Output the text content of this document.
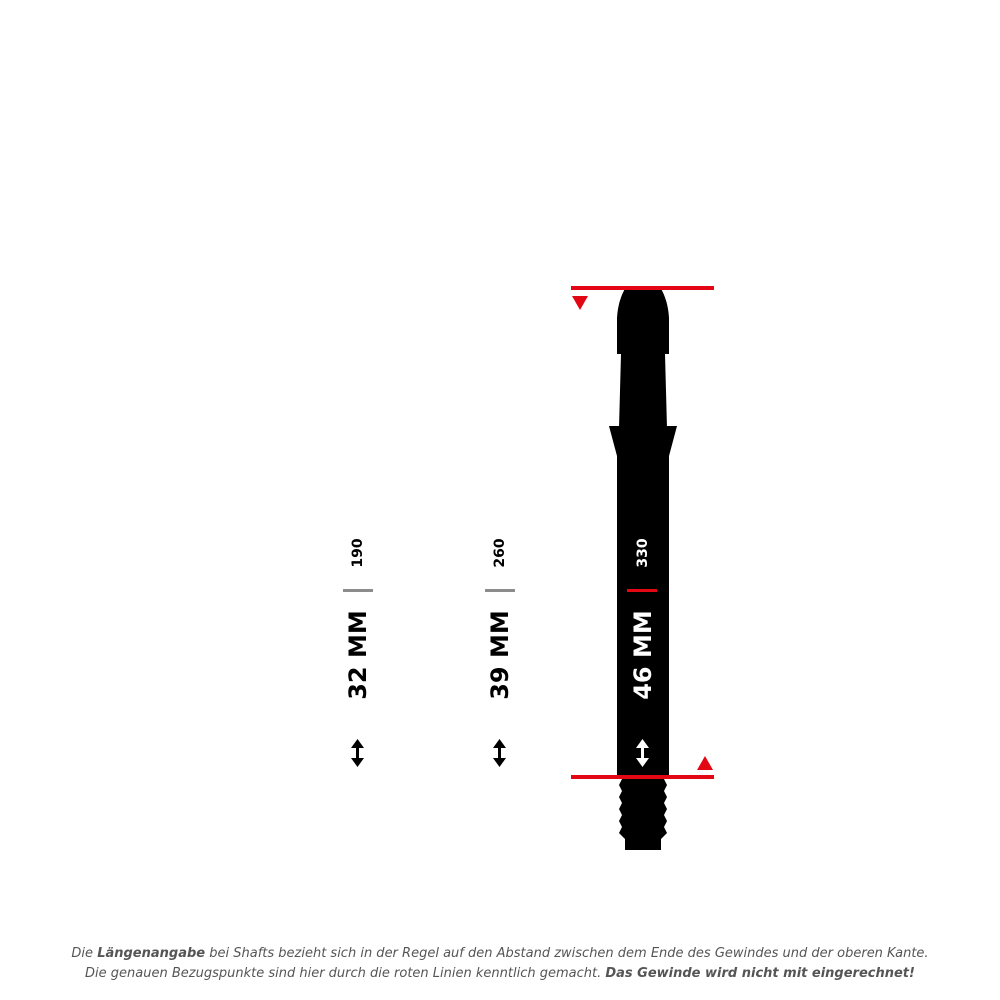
190
32 MM
260
39 MM
330
46 MM
Die Längenangabe bei Shafts bezieht sich in der Regel auf den Abstand zwischen dem Ende des Gewindes und der oberen Kante.
Die genauen Bezugspunkte sind hier durch die roten Linien kenntlich gemacht. Das Gewinde wird nicht mit eingerechnet!
